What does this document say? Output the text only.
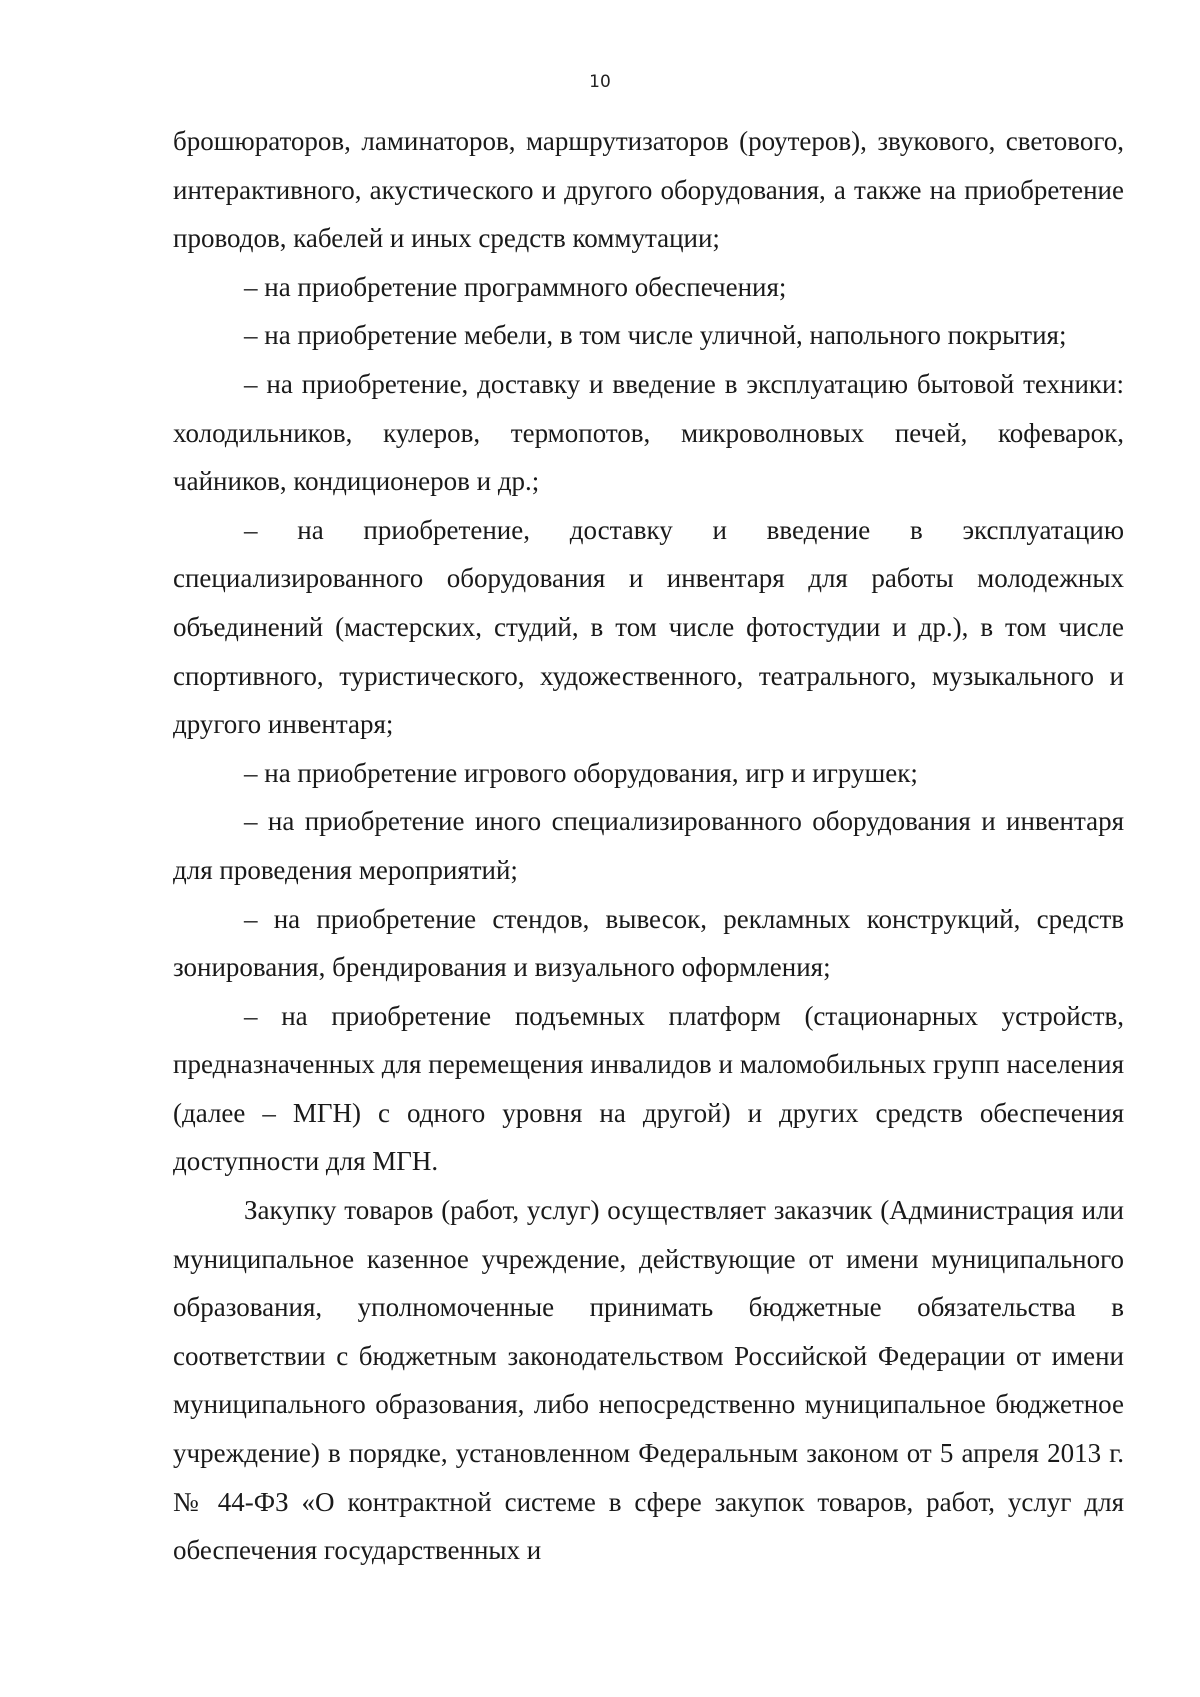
10

брошюраторов, ламинаторов, маршрутизаторов (роутеров), звукового, светового, интерактивного, акустического и другого оборудования, а также на приобретение проводов, кабелей и иных средств коммутации;

– на приобретение программного обеспечения;

– на приобретение мебели, в том числе уличной, напольного покрытия;

– на приобретение, доставку и введение в эксплуатацию бытовой техники: холодильников, кулеров, термопотов, микроволновых печей, кофеварок, чайников, кондиционеров и др.;

– на приобретение, доставку и введение в эксплуатацию специализированного оборудования и инвентаря для работы молодежных объединений (мастерских, студий, в том числе фотостудии и др.), в том числе спортивного, туристического, художественного, театрального, музыкального и другого инвентаря;

– на приобретение игрового оборудования, игр и игрушек;

– на приобретение иного специализированного оборудования и инвентаря для проведения мероприятий;

– на приобретение стендов, вывесок, рекламных конструкций, средств зонирования, брендирования и визуального оформления;

– на приобретение подъемных платформ (стационарных устройств, предназначенных для перемещения инвалидов и маломобильных групп населения (далее – МГН) с одного уровня на другой) и других средств обеспечения доступности для МГН.

Закупку товаров (работ, услуг) осуществляет заказчик (Администрация или муниципальное казенное учреждение, действующие от имени муниципального образования, уполномоченные принимать бюджетные обязательства в соответствии с бюджетным законодательством Российской Федерации от имени муниципального образования, либо непосредственно муниципальное бюджетное учреждение) в порядке, установленном Федеральным законом от 5 апреля 2013 г. № 44-ФЗ «О контрактной системе в сфере закупок товаров, работ, услуг для обеспечения государственных и
